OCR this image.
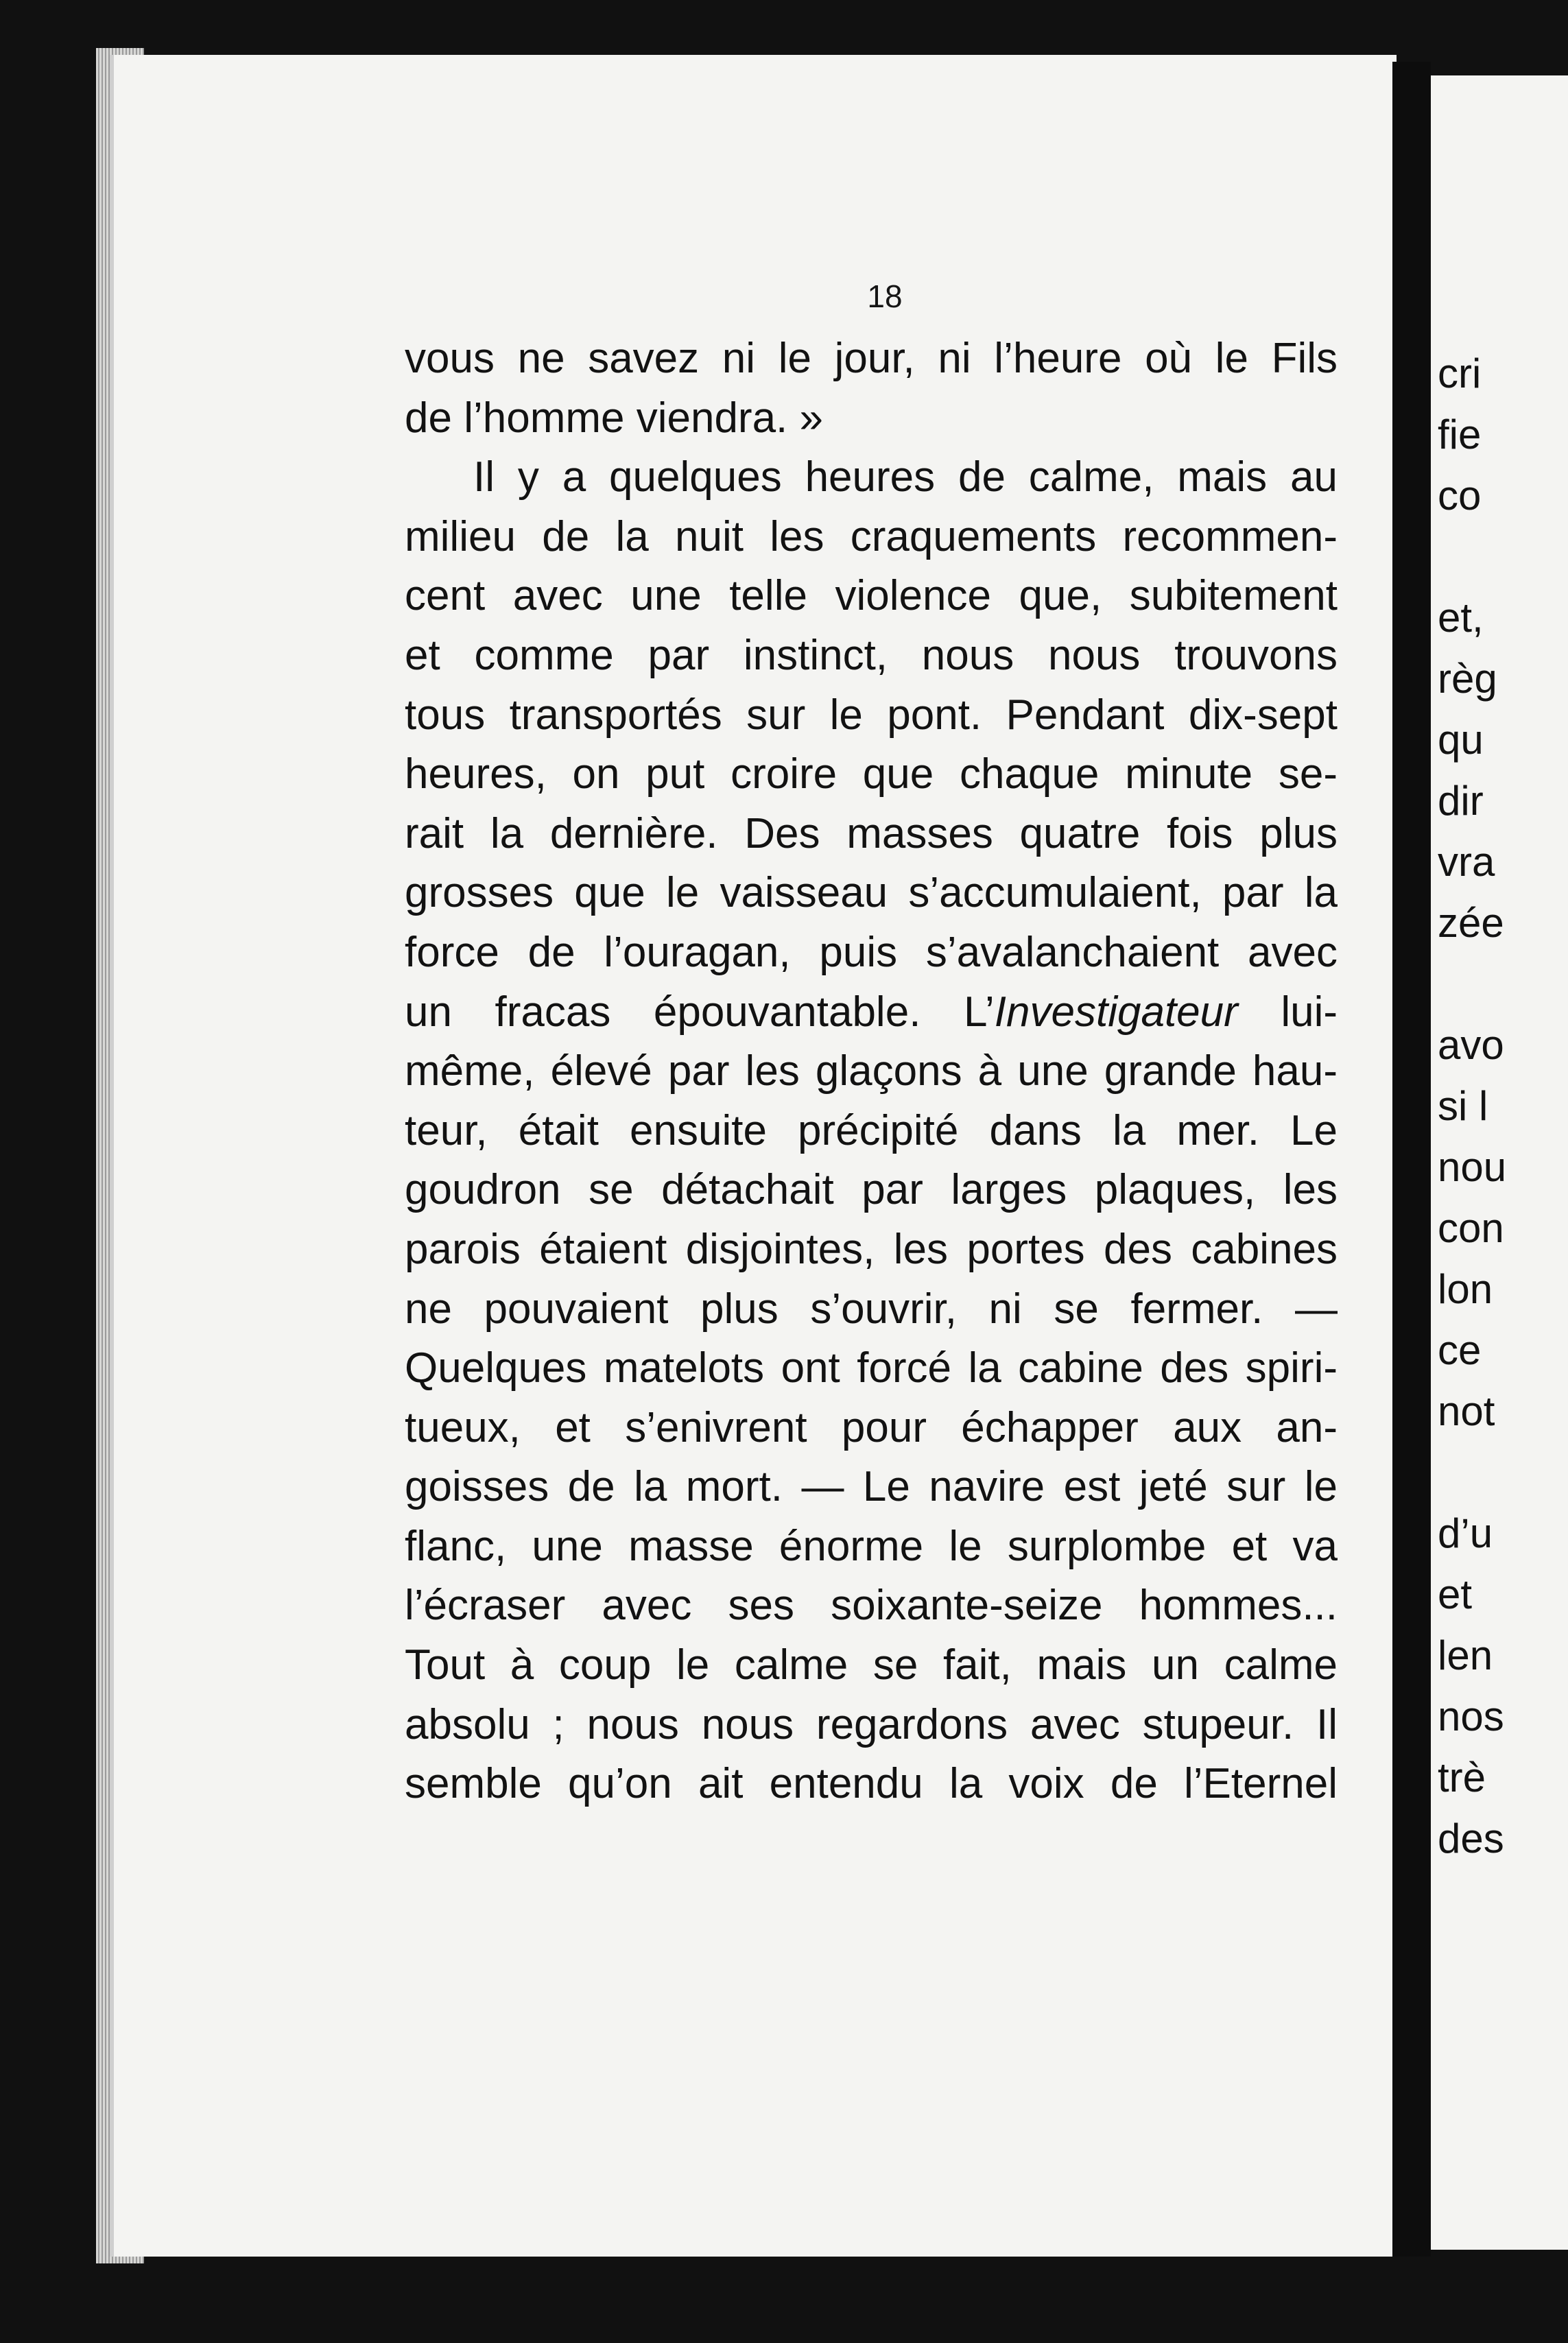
18
vous ne savez ni le jour, ni l’heure où le Fils
de l’homme viendra. »
Il y a quelques heures de calme, mais au
milieu de la nuit les craquements recommen-
cent avec une telle violence que, subitement
et comme par instinct, nous nous trouvons
tous transportés sur le pont. Pendant dix-sept
heures, on put croire que chaque minute se-
rait la dernière. Des masses quatre fois plus
grosses que le vaisseau s’accumulaient, par la
force de l’ouragan, puis s’avalanchaient avec
un fracas épouvantable. L’Investigateur lui-
même, élevé par les glaçons à une grande hau-
teur, était ensuite précipité dans la mer. Le
goudron se détachait par larges plaques, les
parois étaient disjointes, les portes des cabines
ne pouvaient plus s’ouvrir, ni se fermer. —
Quelques matelots ont forcé la cabine des spiri-
tueux, et s’enivrent pour échapper aux an-
goisses de la mort. — Le navire est jeté sur le
flanc, une masse énorme le surplombe et va
l’écraser avec ses soixante-seize hommes...
Tout à coup le calme se fait, mais un calme
absolu ; nous nous regardons avec stupeur. Il
semble qu’on ait entendu la voix de l’Eternel
cri
fie
co
et,
règ
qu
dir
vra
zée
avo
si l
nou
con
lon
ce
not
d’u
et
len
nos
trè
des
